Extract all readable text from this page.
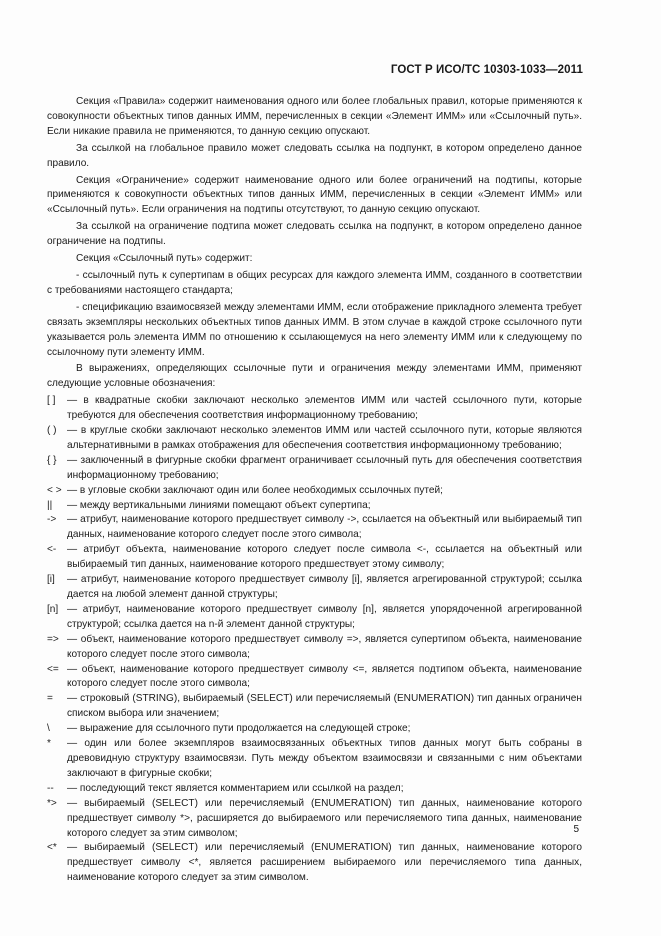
ГОСТ Р ИСО/ТС 10303-1033—2011

Секция «Правила» содержит наименования одного или более глобальных правил, которые применяются к совокупности объектных типов данных ИММ, перечисленных в секции «Элемент ИММ» или «Ссылочный путь». Если никакие правила не применяются, то данную секцию опускают.

За ссылкой на глобальное правило может следовать ссылка на подпункт, в котором определено данное правило.

Секция «Ограничение» содержит наименование одного или более ограничений на подтипы, которые применяются к совокупности объектных типов данных ИММ, перечисленных в секции «Элемент ИММ» или «Ссылочный путь». Если ограничения на подтипы отсутствуют, то данную секцию опускают.

За ссылкой на ограничение подтипа может следовать ссылка на подпункт, в котором определено данное ограничение на подтипы.

Секция «Ссылочный путь» содержит:

- ссылочный путь к супертипам в общих ресурсах для каждого элемента ИММ, созданного в соответствии с требованиями настоящего стандарта;

- спецификацию взаимосвязей между элементами ИММ, если отображение прикладного элемента требует связать экземпляры нескольких объектных типов данных ИММ. В этом случае в каждой строке ссылочного пути указывается роль элемента ИММ по отношению к ссылающемуся на него элементу ИММ или к следующему по ссылочному пути элементу ИММ.

В выражениях, определяющих ссылочные пути и ограничения между элементами ИММ, применяют следующие условные обозначения:

[ ]	— в квадратные скобки заключают несколько элементов ИММ или частей ссылочного пути, которые требуются для обеспечения соответствия информационному требованию;
( )	— в круглые скобки заключают несколько элементов ИММ или частей ссылочного пути, которые являются альтернативными в рамках отображения для обеспечения соответствия информационному требованию;
{ }	— заключенный в фигурные скобки фрагмент ограничивает ссылочный путь для обеспечения соответствия информационному требованию;
< > — в угловые скобки заключают один или более необходимых ссылочных путей;
||	— между вертикальными линиями помещают объект супертипа;
->	— атрибут, наименование которого предшествует символу ->, ссылается на объектный или выбираемый тип данных, наименование которого следует после этого символа;
<-	— атрибут объекта, наименование которого следует после символа <-, ссылается на объектный или выбираемый тип данных, наименование которого предшествует этому символу;
[i]	— атрибут, наименование которого предшествует символу [i], является агрегированной структурой; ссылка дается на любой элемент данной структуры;
[n] — атрибут, наименование которого предшествует символу [n], является упорядоченной агрегированной структурой; ссылка дается на n-й элемент данной структуры;
=> — объект, наименование которого предшествует символу =>, является супертипом объекта, наименование которого следует после этого символа;
<= — объект, наименование которого предшествует символу <=, является подтипом объекта, наименование которого следует после этого символа;
=	— строковый (STRING), выбираемый (SELECT) или перечисляемый (ENUMERATION) тип данных ограничен списком выбора или значением;
\	— выражение для ссылочного пути продолжается на следующей строке;
*	— один или более экземпляров взаимосвязанных объектных типов данных могут быть собраны в древовидную структуру взаимосвязи. Путь между объектом взаимосвязи и связанными с ним объектами заключают в фигурные скобки;
--	— последующий текст является комментарием или ссылкой на раздел;
*>	— выбираемый (SELECT) или перечисляемый (ENUMERATION) тип данных, наименование которого предшествует символу *>, расширяется до выбираемого или перечисляемого типа данных, наименование которого следует за этим символом;
<*	— выбираемый (SELECT) или перечисляемый (ENUMERATION) тип данных, наименование которого предшествует символу <*, является расширением выбираемого или перечисляемого типа данных, наименование которого следует за этим символом.
5
